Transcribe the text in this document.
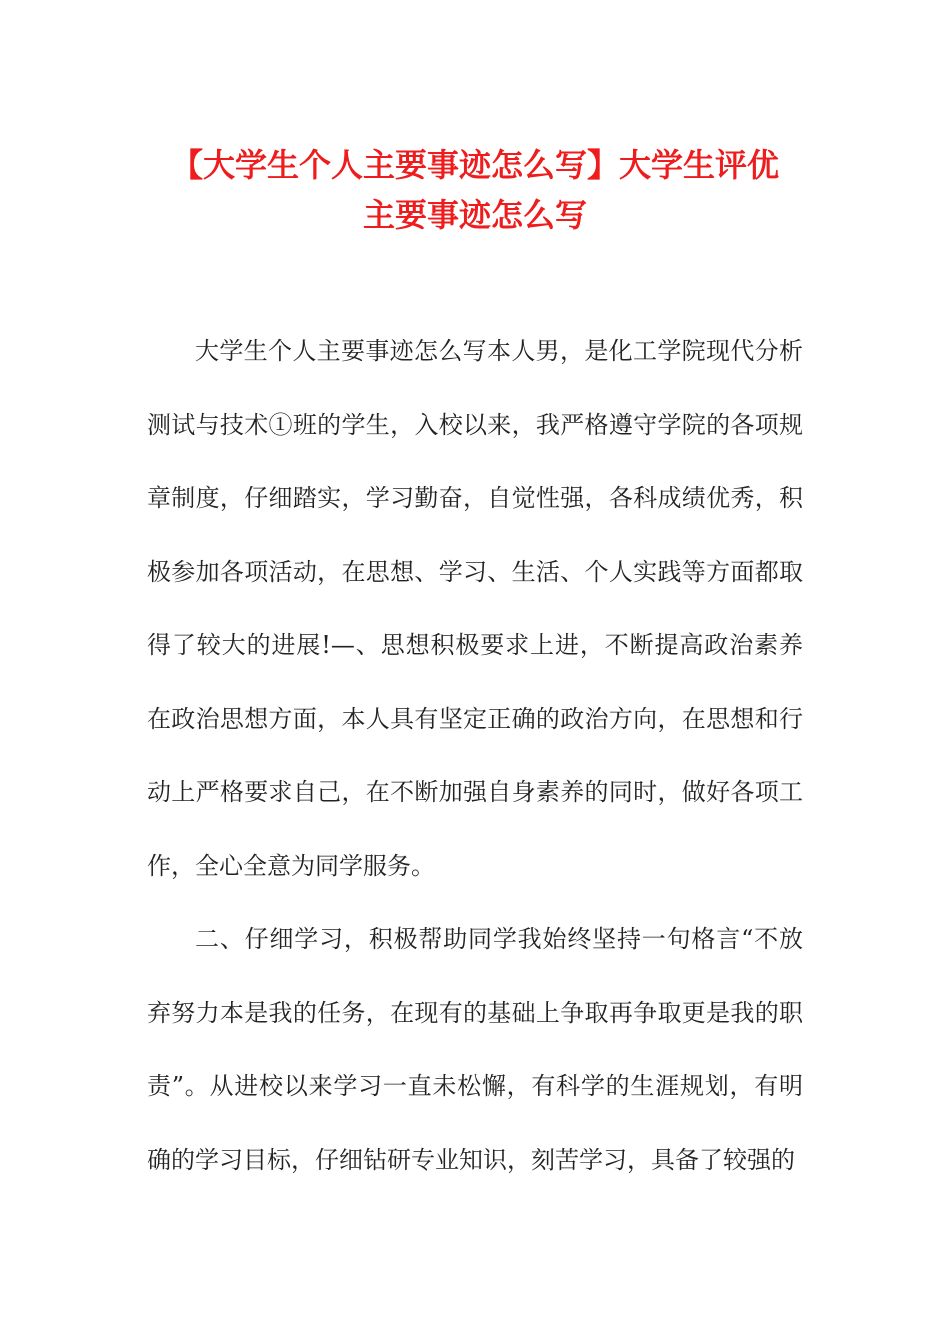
【大学生个人主要事迹怎么写】大学生评优
主要事迹怎么写

大学生个人主要事迹怎么写本人男，是化工学院现代分析测试与技术①班的学生，入校以来，我严格遵守学院的各项规章制度，仔细踏实，学习勤奋，自觉性强，各科成绩优秀，积极参加各项活动，在思想、学习、生活、个人实践等方面都取得了较大的进展!—、思想积极要求上进，不断提高政治素养在政治思想方面，本人具有坚定正确的政治方向，在思想和行动上严格要求自己，在不断加强自身素养的同时，做好各项工作，全心全意为同学服务。

二、仔细学习，积极帮助同学我始终坚持一句格言“不放弃努力本是我的任务，在现有的基础上争取再争取更是我的职责”。从进校以来学习一直未松懈，有科学的生涯规划，有明确的学习目标，仔细钻研专业知识，刻苦学习，具备了较强的
